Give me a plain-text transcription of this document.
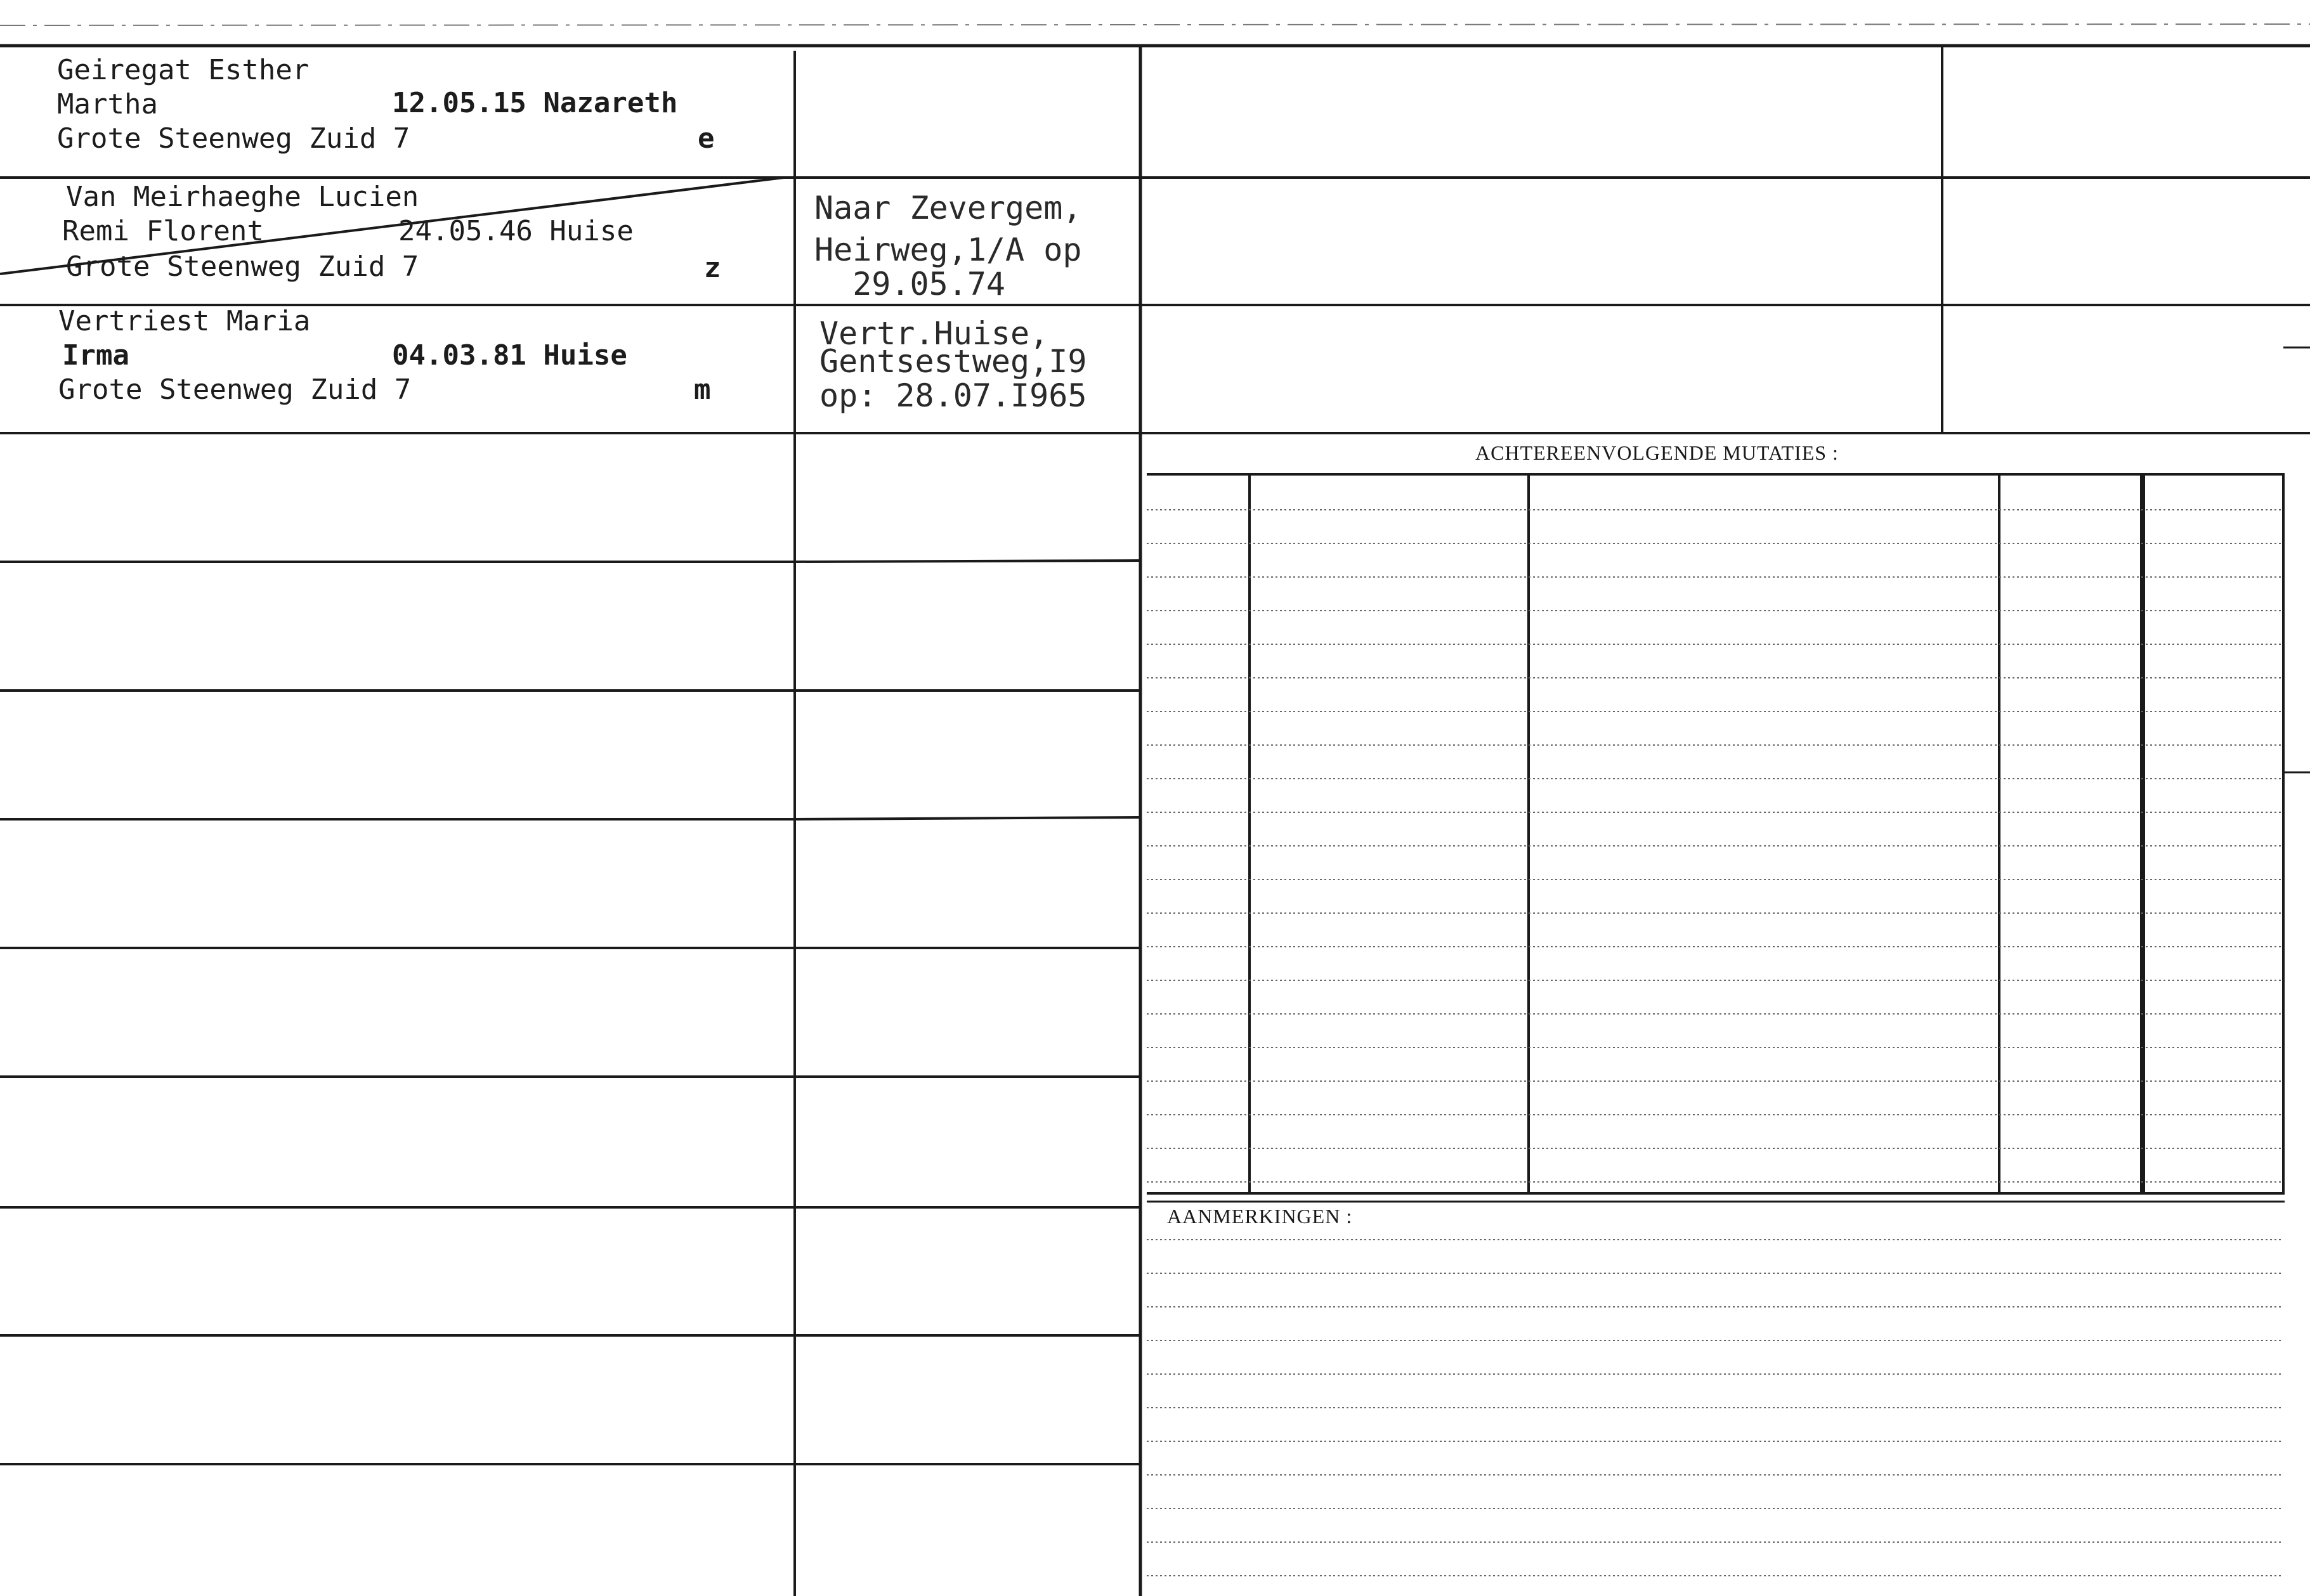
Geiregat Esther
Martha	12.05.15 Nazareth
Grote Steenweg Zuid 7	e
Van Meirhaeghe Lucien
Remi Florent	24.05.46 Huise
Grote Steenweg Zuid 7	z
Naar Zevergem,
Heirweg,1/A op
29.05.74
Vertriest Maria
Irma	04.03.81 Huise
Grote Steenweg Zuid 7	m
Vertr.Huise,
Gentsestweg,I9
op: 28.07.I965
ACHTEREENVOLGENDE MUTATIES :
AANMERKINGEN :
